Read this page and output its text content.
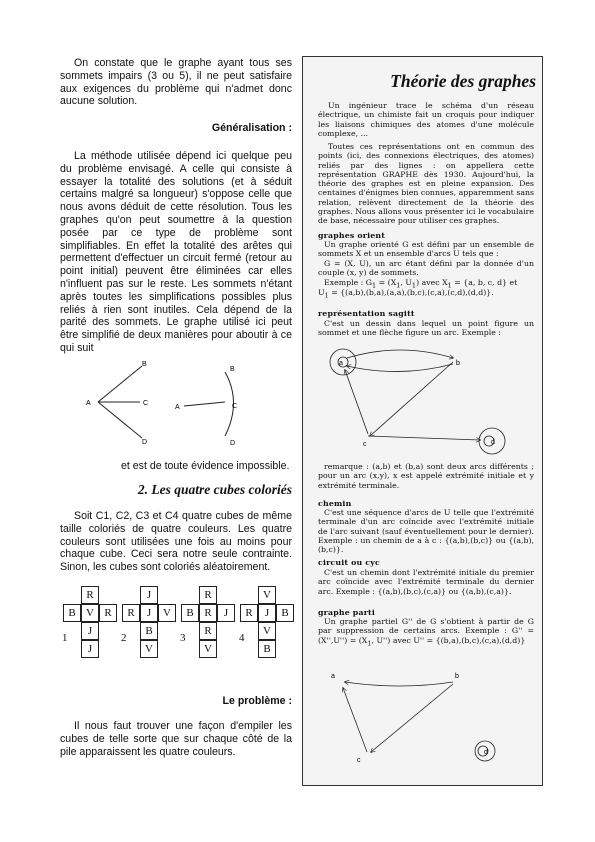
On constate que le graphe ayant tous ses sommets impairs (3 ou 5), il ne peut satisfaire aux exigences du problème qui n'admet donc aucune solution.

Généralisation :

La méthode utilisée dépend ici quelque peu du problème envisagé. A celle qui consiste à essayer la totalité des solutions (et à séduit certains malgré sa longueur) s'oppose celle que nous avons déduit de cette résolution. Tous les graphes qu'on peut soumettre à la question posée par ce type de problème sont simplifiables. En effet la totalité des arêtes qui permettent d'effectuer un circuit fermé (retour au point initial) peuvent être éliminées car elles n'influent pas sur le reste. Les sommets n'étant après toutes les simplifications possibles plus reliés à rien sont inutiles. Cela dépend de la parité des sommets. Le graphe utilisé ici peut être simplifié de deux manières pour aboutir à ce qui suit

A
B
C
D
A
B
C
D

et est de toute évidence impossible.

2. Les quatre cubes coloriés

Soit C1, C2, C3 et C4 quatre cubes de même taille coloriés de quatre couleurs. Les quatre couleurs sont utilisées une fois au moins pour chaque cube. Ceci sera notre seule contrainte. Sinon, les cubes sont coloriés aléatoirement.

1
R
B V R
J
J
2
J
R	J	V
B
V
3
R
B R	J
R
V
4
V
R	J	B
V
B

Le problème :

Il nous faut trouver une façon d'empiler les cubes de telle sorte que sur chaque côté de la pile apparaissent les quatre couleurs.

Théorie des graphes

Un ingénieur trace le schéma d'un réseau électrique, un chimiste fait un croquis pour indiquer les liaisons chimiques des atomes d'une molécule complexe, ...

Toutes ces représentations ont en commun des points (ici, des connexions électriques, des atomes) reliés par des lignes : on appellera cette représentation GRAPHE dès 1930. Aujourd'hui, la théorie des graphes est en pleine expansion. Des centaines d'énigmes bien connues, apparemment sans relation, relèvent directement de la théorie des graphes. Nous allons vous présenter ici le vocabulaire de base, nécessaire pour utiliser ces graphes.

graphes orient

Un graphe orienté G est défini par un ensemble de sommets X et un ensemble d'arcs U tels que :

G = (X, U), un arc étant défini par la donnée d'un couple (x, y) de sommets.

Exemple : $G_1 = (X_1$, $U_1$) avec $X_1 = \{a$, b, c, d} et

$U_1 = \{(a,b),(b,a),(a,a),(b,c),(c,a),(c,d),(d,d)\}$.

représentation sagitt

C'est un dessin dans lequel un point figure un sommet et une flèche figure un arc. Exemple :

a	b
c	d

remarque : (a,b) et (b,a) sont deux arcs différents ; pour un arc (x,y), x est appelé extrémité initiale et y extrémité terminale.

chemin

C'est une séquence d'arcs de U telle que l'extrémité terminale d'un arc coïncide avec l'extrémité initiale de l'arc suivant (sauf éventuellement pour le dernier). Exemple : un chemin de a à c : {(a,b),(b,c)} ou {(a,b),(b,c)}.

circuit ou cyc

C'est un chemin dont l'extrémité initiale du premier arc coïncide avec l'extrémité terminale du dernier arc. Exemple : {(a,b),(b,c),(c,a)} ou {(a,b),(c,a)}.

graphe parti

Un graphe partiel G'' de G s'obtient à partir de G par suppression de certains arcs. Exemple : $G'' = (X'',U'') = (X_1$, U'') avec U'' = {(b,a),(b,c),(c,a),(d,d)}

a	b
c
d
